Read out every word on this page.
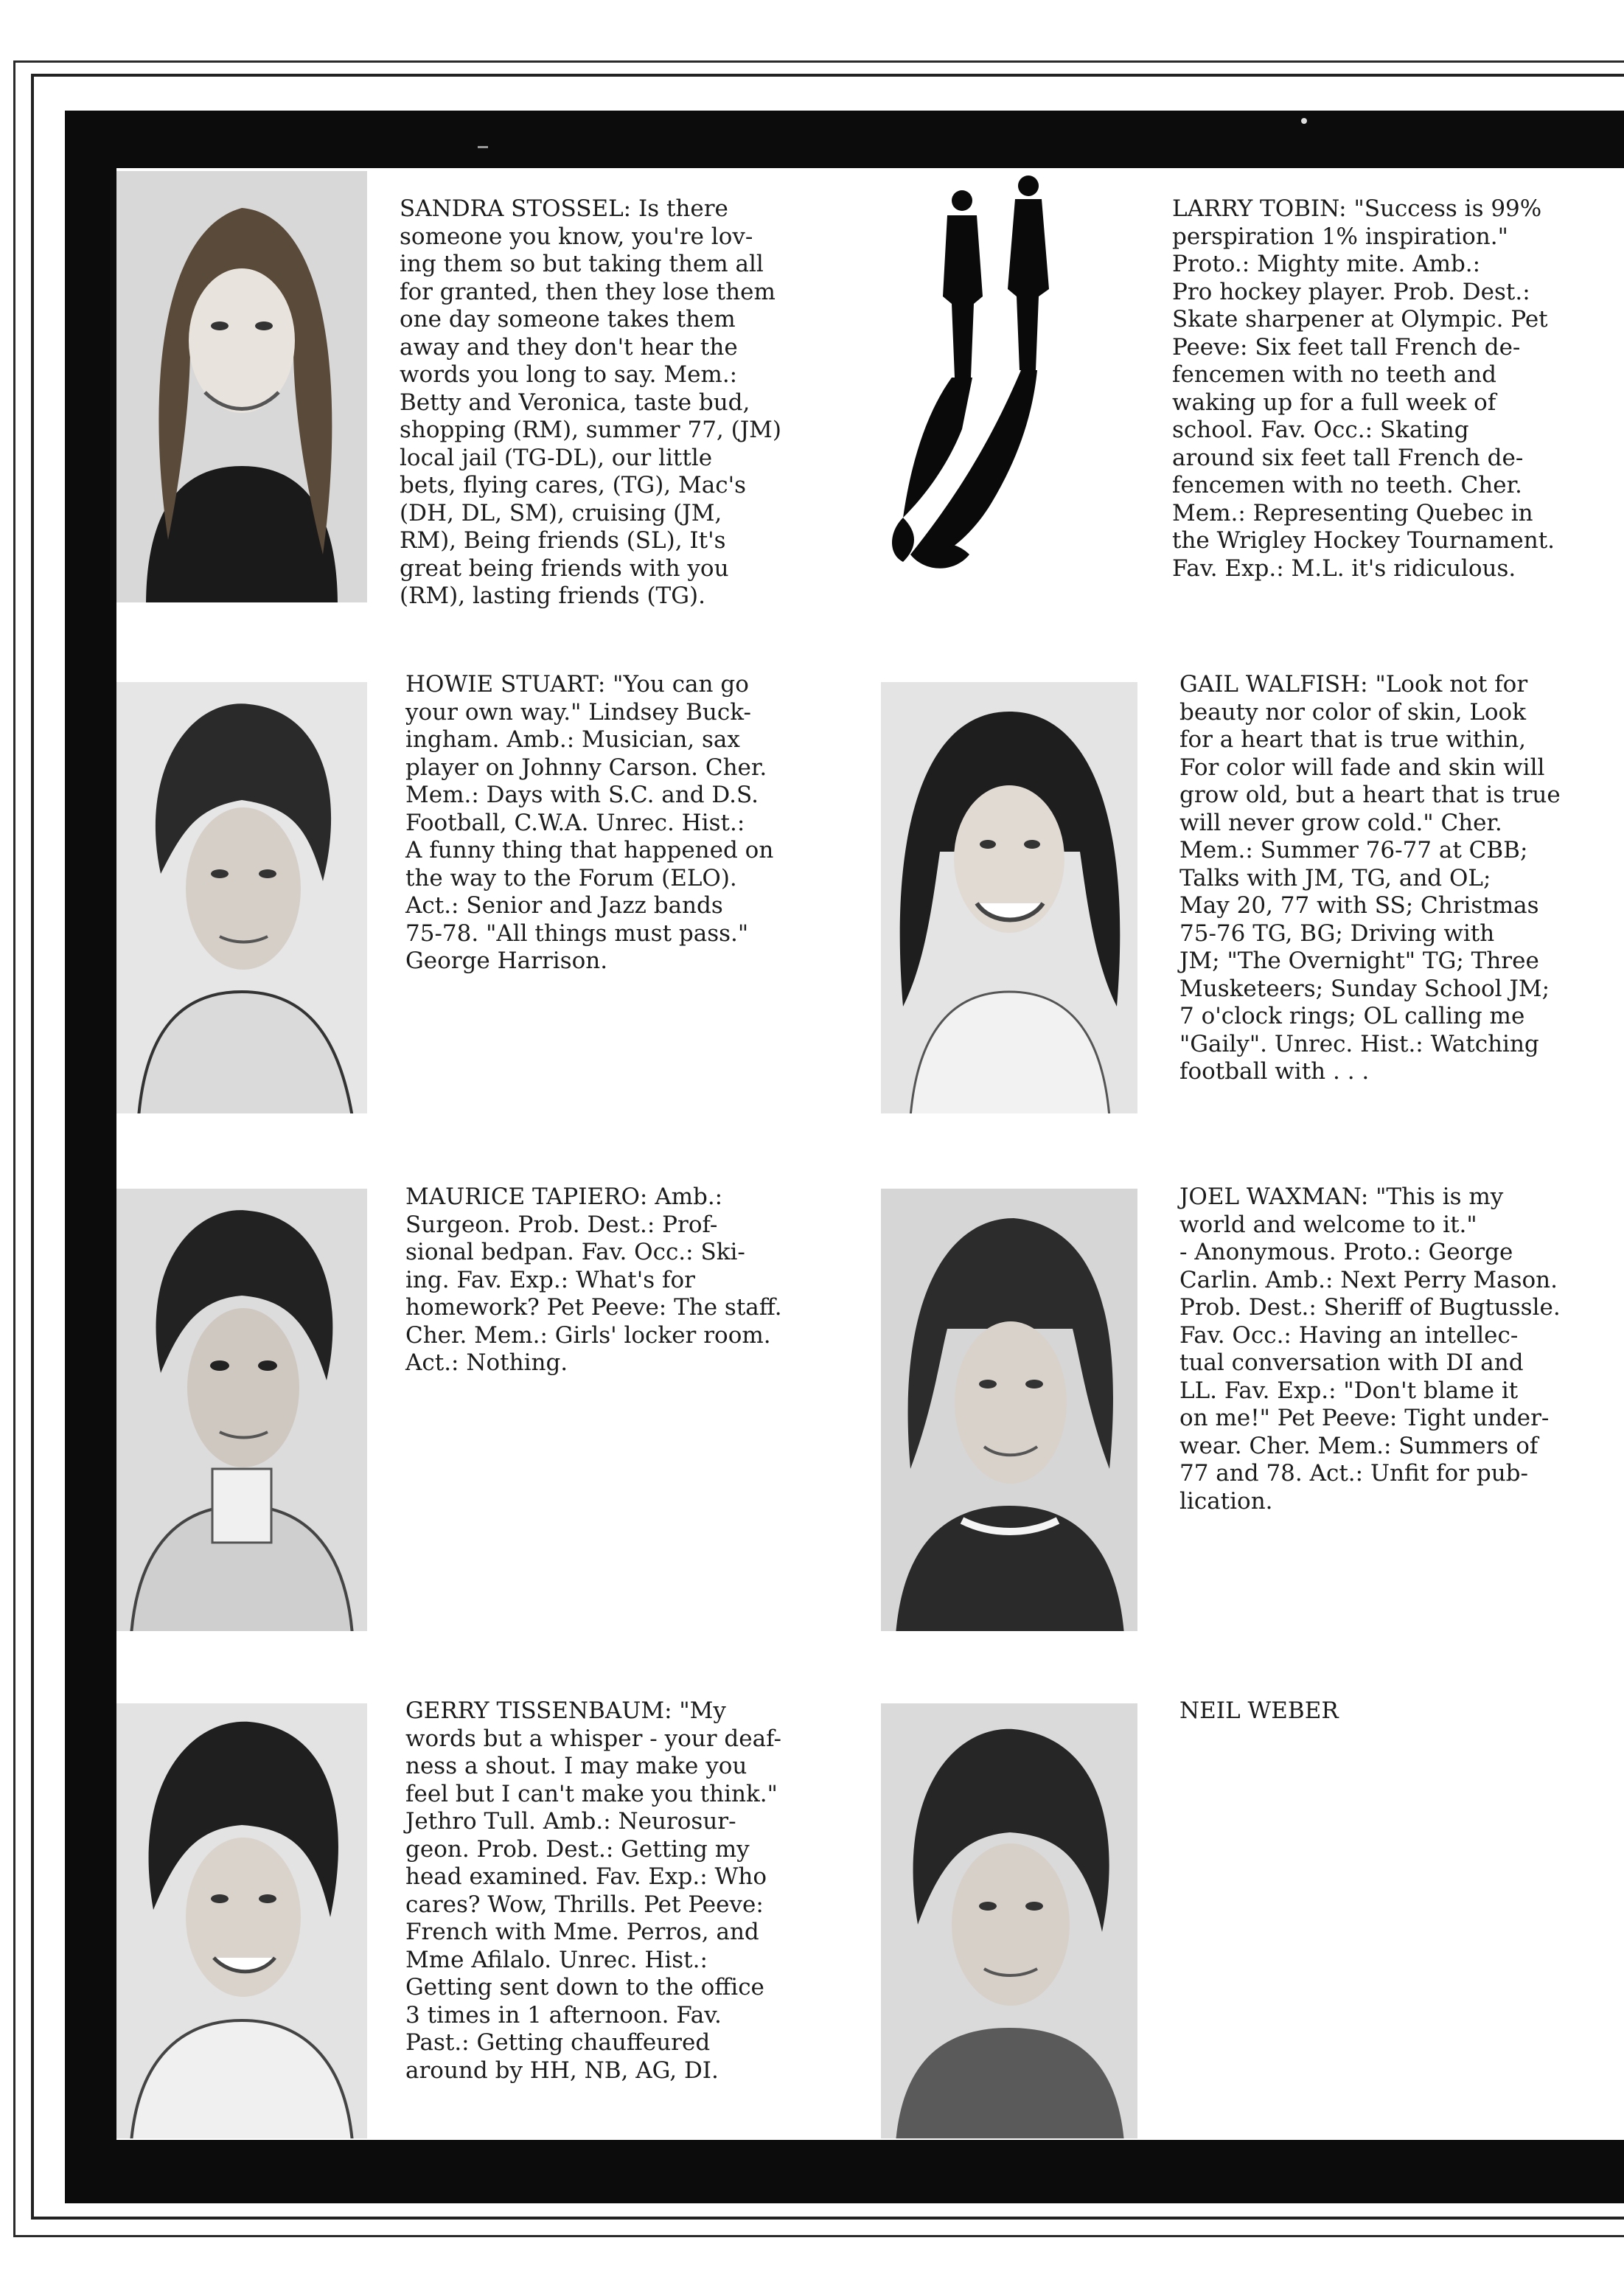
SANDRA STOSSEL: Is there
someone you know, you're lov-
ing them so but taking them all
for granted, then they lose them
one day someone takes them
away and they don't hear the
words you long to say. Mem.:
Betty and Veronica, taste bud,
shopping (RM), summer 77, (JM)
local jail (TG-DL), our little
bets, flying cares, (TG), Mac's
(DH, DL, SM), cruising (JM,
RM), Being friends (SL), It's
great being friends with you
(RM), lasting friends (TG).

LARRY TOBIN: "Success is 99%
perspiration 1% inspiration."
Proto.: Mighty mite. Amb.:
Pro hockey player. Prob. Dest.:
Skate sharpener at Olympic. Pet
Peeve: Six feet tall French de-
fencemen with no teeth and
waking up for a full week of
school. Fav. Occ.: Skating
around six feet tall French de-
fencemen with no teeth. Cher.
Mem.: Representing Quebec in
the Wrigley Hockey Tournament.
Fav. Exp.: M.L. it's ridiculous.

HOWIE STUART: "You can go
your own way." Lindsey Buck-
ingham. Amb.: Musician, sax
player on Johnny Carson. Cher.
Mem.: Days with S.C. and D.S.
Football, C.W.A. Unrec. Hist.:
A funny thing that happened on
the way to the Forum (ELO).
Act.: Senior and Jazz bands
75-78. "All things must pass."
George Harrison.

GAIL WALFISH: "Look not for
beauty nor color of skin, Look
for a heart that is true within,
For color will fade and skin will
grow old, but a heart that is true
will never grow cold." Cher.
Mem.: Summer 76-77 at CBB;
Talks with JM, TG, and OL;
May 20, 77 with SS; Christmas
75-76 TG, BG; Driving with
JM; "The Overnight" TG; Three
Musketeers; Sunday School JM;
7 o'clock rings; OL calling me
"Gaily". Unrec. Hist.: Watching
football with . . .

MAURICE TAPIERO: Amb.:
Surgeon. Prob. Dest.: Prof-
sional bedpan. Fav. Occ.: Ski-
ing. Fav. Exp.: What's for
homework? Pet Peeve: The staff.
Cher. Mem.: Girls' locker room.
Act.: Nothing.

JOEL WAXMAN: "This is my
world and welcome to it."
- Anonymous. Proto.: George
Carlin. Amb.: Next Perry Mason.
Prob. Dest.: Sheriff of Bugtussle.
Fav. Occ.: Having an intellec-
tual conversation with DI and
LL. Fav. Exp.: "Don't blame it
on me!" Pet Peeve: Tight under-
wear. Cher. Mem.: Summers of
77 and 78. Act.: Unfit for pub-
lication.

GERRY TISSENBAUM: "My
words but a whisper - your deaf-
ness a shout. I may make you
feel but I can't make you think."
Jethro Tull. Amb.: Neurosur-
geon. Prob. Dest.: Getting my
head examined. Fav. Exp.: Who
cares? Wow, Thrills. Pet Peeve:
French with Mme. Perros, and
Mme Afilalo. Unrec. Hist.:
Getting sent down to the office
3 times in 1 afternoon. Fav.
Past.: Getting chauffeured
around by HH, NB, AG, DI.

NEIL WEBER
